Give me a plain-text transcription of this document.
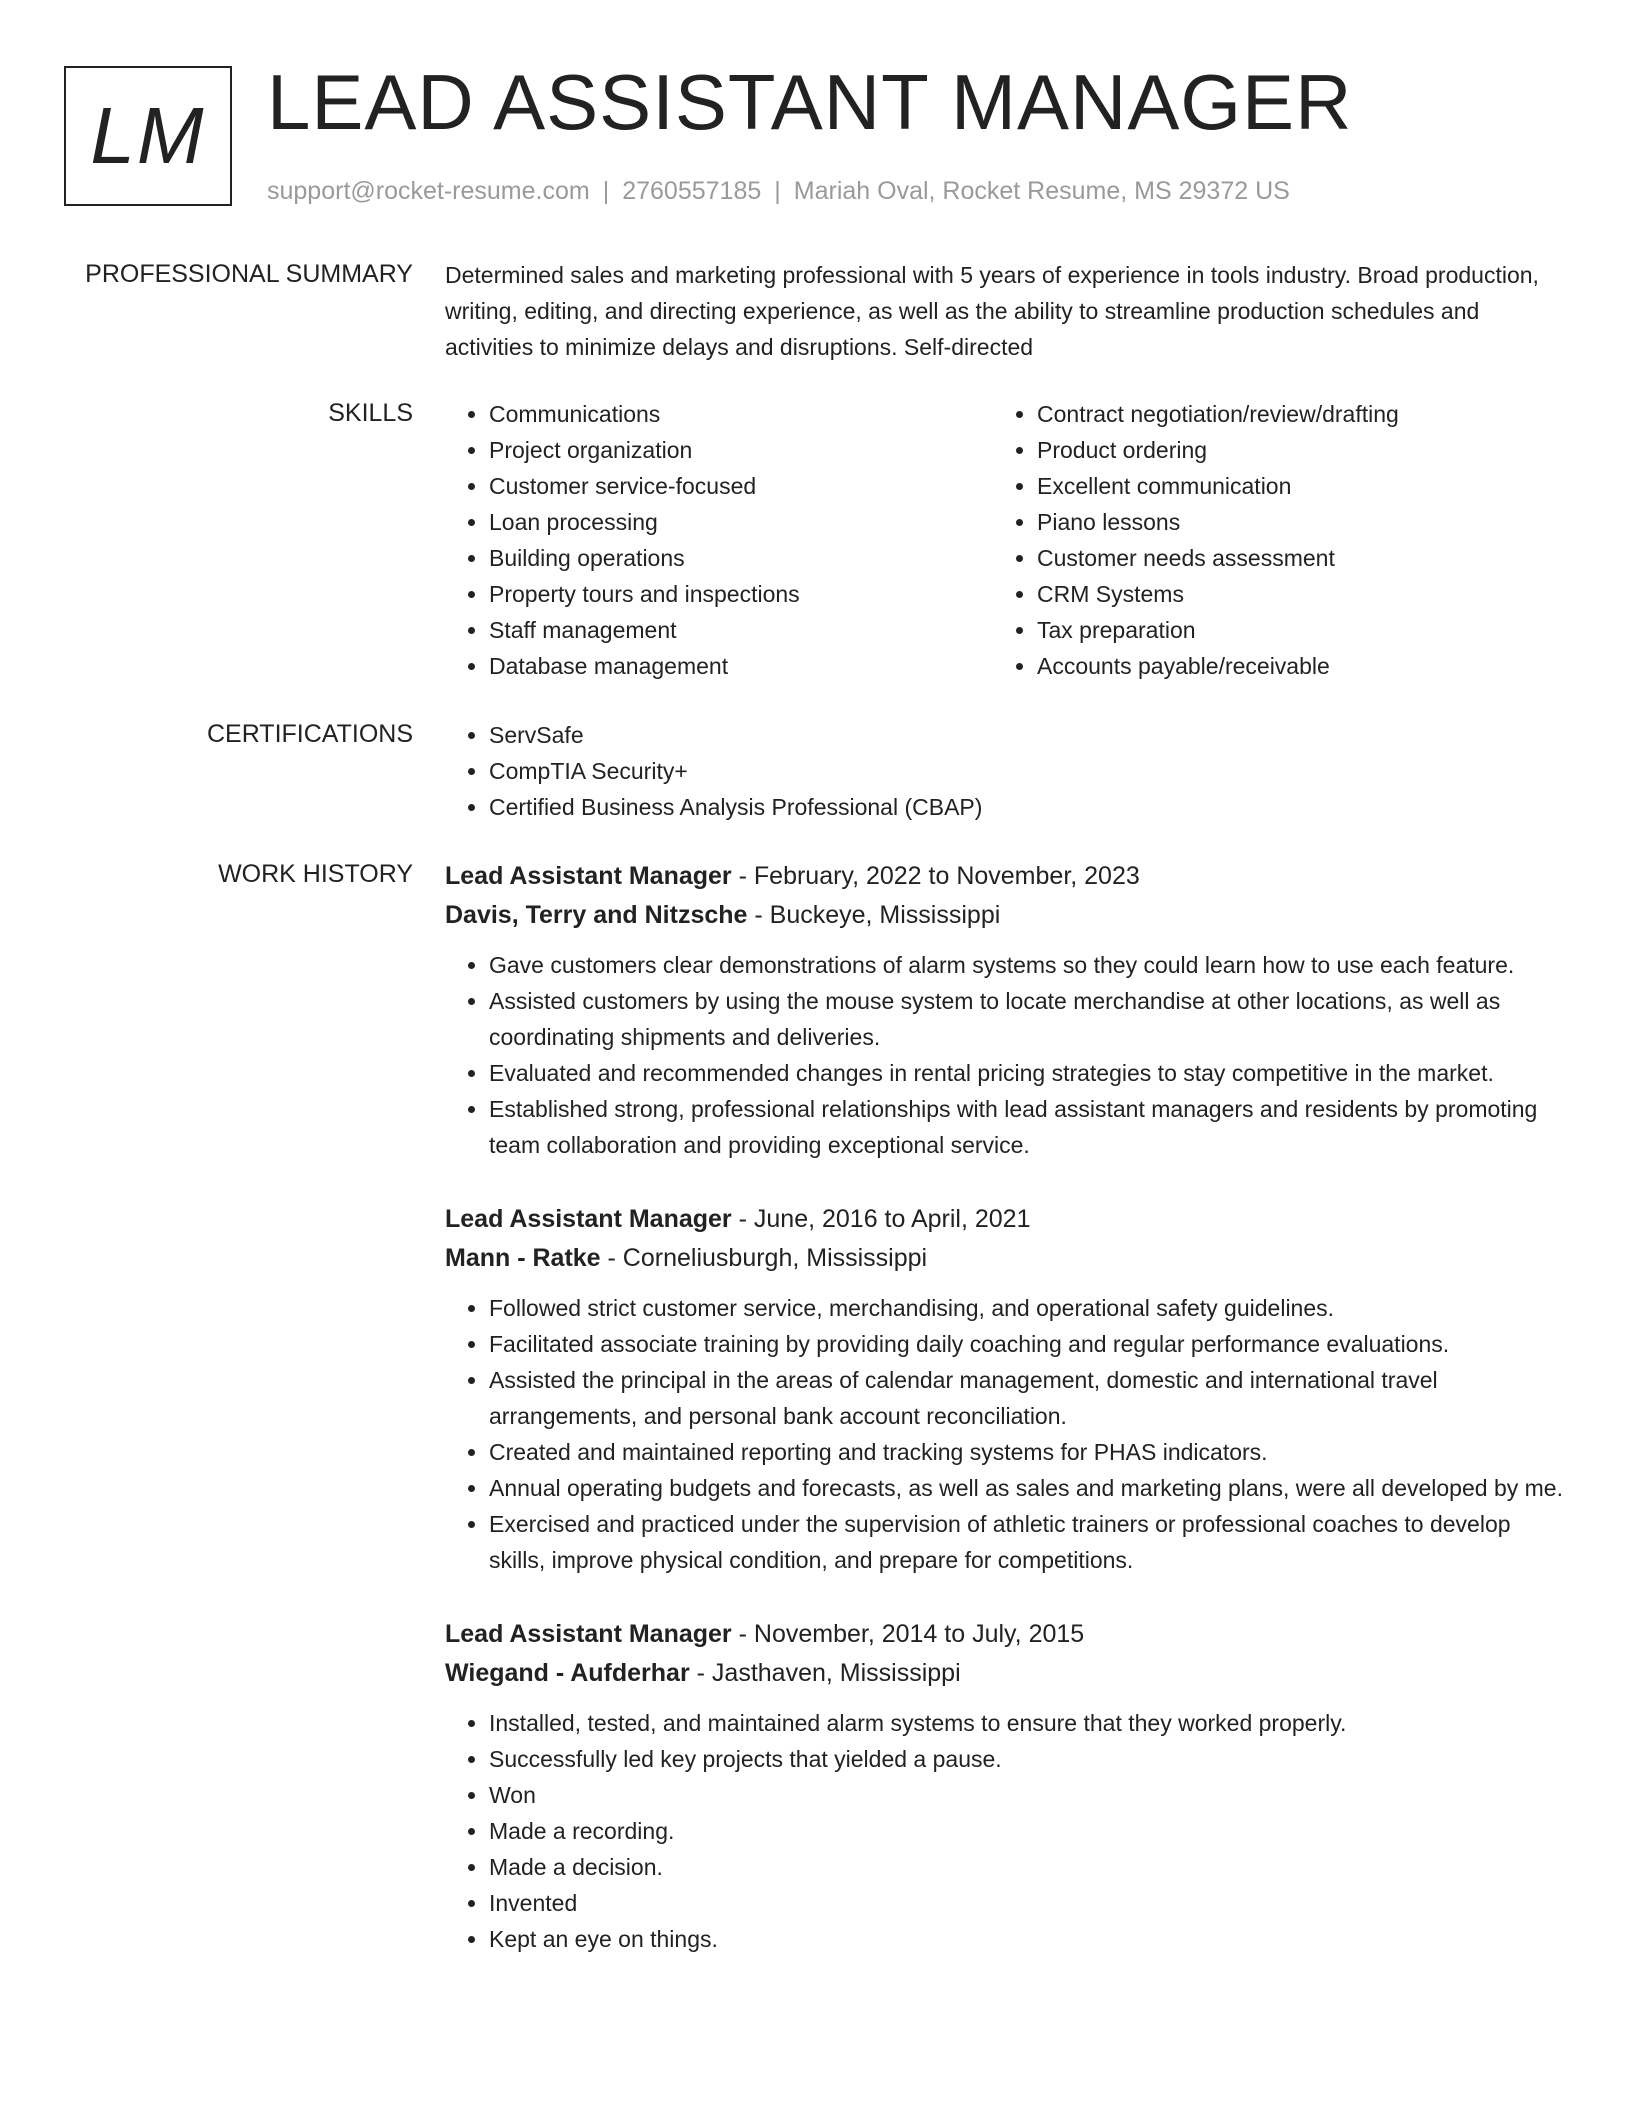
LM LEAD ASSISTANT MANAGER
support@rocket-resume.com | 2760557185 | Mariah Oval, Rocket Resume, MS 29372 US
PROFESSIONAL SUMMARY Determined sales and marketing professional with 5 years of experience in tools industry. Broad production, writing, editing, and directing experience, as well as the ability to streamline production schedules and activities to minimize delays and disruptions. Self-directed
SKILLS	• Communications
• Project organization
• Customer service-focused
• Loan processing
• Building operations
• Property tours and inspections
• Staff management
• Database management
• Contract negotiation/review/drafting
• Product ordering
• Excellent communication
• Piano lessons
• Customer needs assessment
• CRM Systems
• Tax preparation
• Accounts payable/receivable
CERTIFICATIONS	• ServSafe
• CompTIA Security+
• Certified Business Analysis Professional (CBAP)
WORK HISTORY Lead Assistant Manager - February, 2022 to November, 2023
Davis, Terry and Nitzsche - Buckeye, Mississippi
• Gave customers clear demonstrations of alarm systems so they could learn how to use each feature.
• Assisted customers by using the mouse system to locate merchandise at other locations, as well as coordinating shipments and deliveries.
• Evaluated and recommended changes in rental pricing strategies to stay competitive in the market.
• Established strong, professional relationships with lead assistant managers and residents by promoting team collaboration and providing exceptional service.
Lead Assistant Manager - June, 2016 to April, 2021
Mann - Ratke - Corneliusburgh, Mississippi
• Followed strict customer service, merchandising, and operational safety guidelines.
• Facilitated associate training by providing daily coaching and regular performance evaluations.
• Assisted the principal in the areas of calendar management, domestic and international travel arrangements, and personal bank account reconciliation.
• Created and maintained reporting and tracking systems for PHAS indicators.
• Annual operating budgets and forecasts, as well as sales and marketing plans, were all developed by me.
• Exercised and practiced under the supervision of athletic trainers or professional coaches to develop skills, improve physical condition, and prepare for competitions.
Lead Assistant Manager - November, 2014 to July, 2015
Wiegand - Aufderhar - Jasthaven, Mississippi
• Installed, tested, and maintained alarm systems to ensure that they worked properly.
• Successfully led key projects that yielded a pause.
• Won
• Made a recording.
• Made a decision.
• Invented
• Kept an eye on things.
